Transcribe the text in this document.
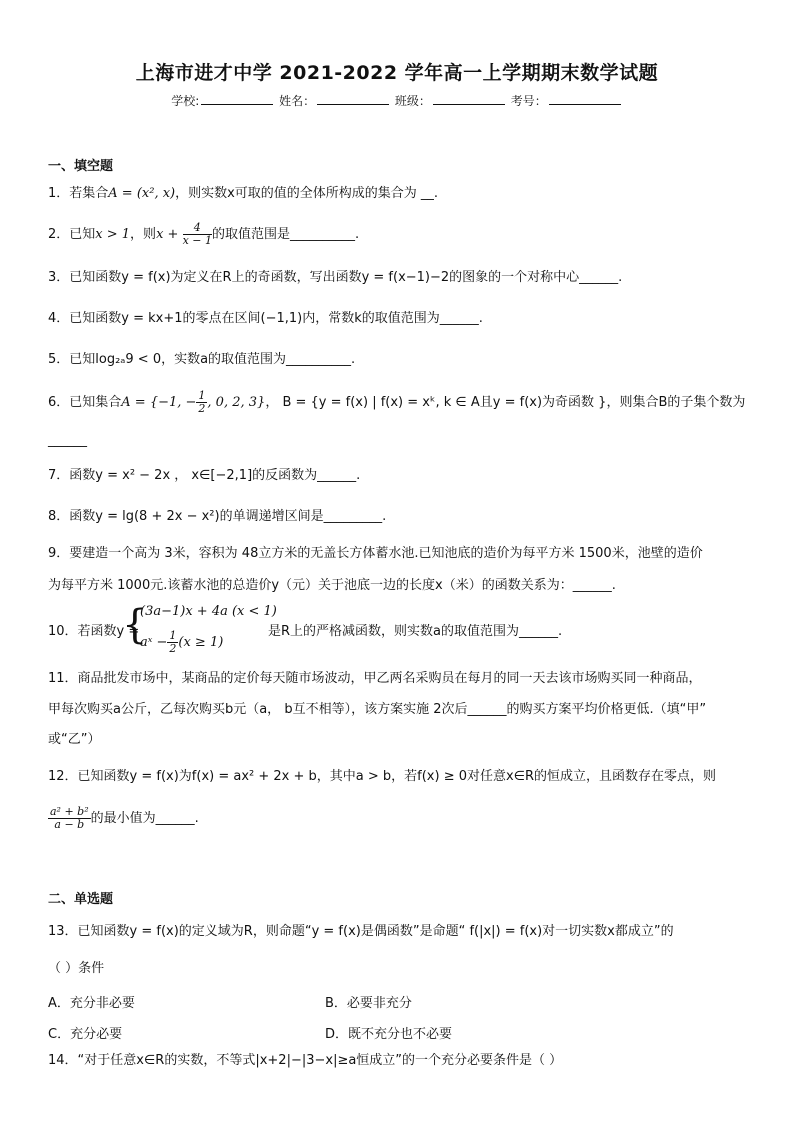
上海市进才中学 2021-2022 学年高一上学期期末数学试题
学校:	姓名：	班级：	考号：
一、填空题
1．若集合A = (x², x)，则实数x可取的值的全体所构成的集合为 __.
2．已知x > 1，则$x + \frac{4}{x - 1}$ 的取值范围是__________.
3．已知函数y = f(x)为定义在R上的奇函数，写出函数y = f(x−1)−2的图象的一个对称中心______.
4．已知函数y = kx+1的零点在区间(−1,1)内，常数k的取值范围为______.
5．已知log₂ₐ9 < 0，实数a的取值范围为__________.
6．已知集合A = {−1, − $\frac{1}{2}$ , 0, 2, 3}， B = {y = f(x) | f(x) = xᵏ, k ∈ A且y = f(x)为奇函数 }，则集合B的子集个数为
______
7．函数y = x² − 2x ， x∈[−2,1]的反函数为______.
8．函数y = lg(8 + 2x − x²)的单调递增区间是_________.
9．要建造一个高为 3米，容积为 48立方米的无盖长方体蓄水池.已知池底的造价为每平方米 1500米，池壁的造价
为每平方米 1000元.该蓄水池的总造价y（元）关于池底一边的长度x（米）的函数关系为：______.
10．若函数y =
{
(3a−1)x + 4a (x < 1)
aˣ − $\frac{1}{2} (x \ge 1)$
是R上的严格减函数，则实数a的取值范围为______.
11．商品批发市场中，某商品的定价每天随市场波动，甲乙两名采购员在每月的同一天去该市场购买同一种商品，
甲每次购买a公斤，乙每次购买b元（a， b互不相等），该方案实施 2次后______的购买方案平均价格更低.（填“甲”
或“乙”）
12．已知函数y = f(x)为f(x) = ax² + 2x + b，其中a > b，若f(x) ≥ 0对任意x∈R的恒成立，且函数存在零点，则
$\frac{\text{a² + b²}}{a - b}$ 的最小值为______.
二、单选题
13．已知函数y = f(x)的定义域为R，则命题“y = f(x)是偶函数”是命题“ f(|x|) = f(x)对一切实数x都成立”的
（ ）条件
A．充分非必要	B．必要非充分
C．充分必要	D．既不充分也不必要
14．“对于任意x∈R的实数，不等式|x+2|−|3−x|≥a恒成立”的一个充分必要条件是（ ）
